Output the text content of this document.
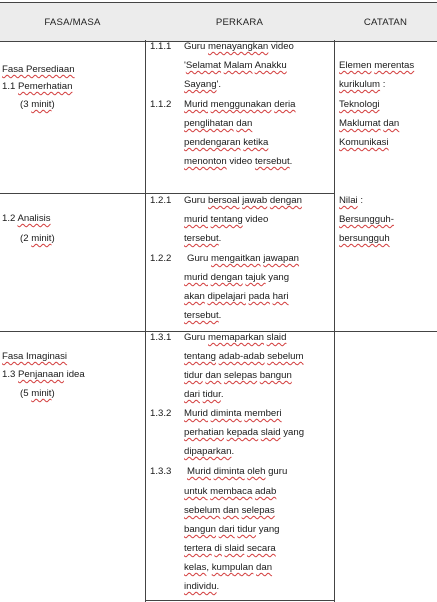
FASA/MASA	PERKARA	CATATAN
Fasa Persediaan
1.1 Pemerhatian
(3 minit)
1.2 Analisis
(2 minit)
Fasa Imaginasi
1.3 Penjanaan idea
(5 minit)
1.1.1 Guru menayangkan video
'Selamat Malam Anakku
Sayang'.
1.1.2 Murid menggunakan deria
penglihatan dan
pendengaran ketika
menonton video tersebut.
1.2.1 Guru bersoal jawab dengan
murid tentang video
tersebut.
1.2.2 Guru mengaitkan jawapan
murid dengan tajuk yang
akan dipelajari pada hari
tersebut.
1.3.1 Guru memaparkan slaid
tentang adab-adab sebelum
tidur dan selepas bangun
dari tidur.
1.3.2 Murid diminta memberi
perhatian kepada slaid yang
dipaparkan.
1.3.3 Murid diminta oleh guru
untuk membaca adab
sebelum dan selepas
bangun dari tidur yang
tertera di slaid secara
kelas, kumpulan dan
individu.
Elemen merentas
kurikulum :
Teknologi
Maklumat dan
Komunikasi
Nilai :
Bersungguh-
bersungguh
